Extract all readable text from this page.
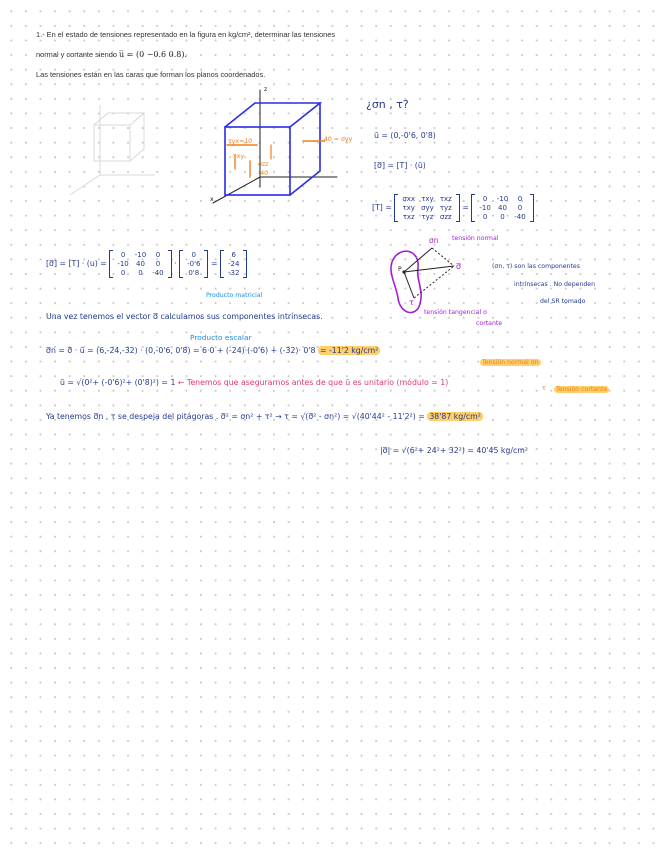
1.- En el estado de tensiones representado en la figura en kg/cm², determinar las tensiones
normal y cortante siendo u̅ = (0 −0.6 0.8).
Las tensiones están en las caras que forman los planos coordenados.
z
x
40 = σyy
τyx=10
τxy
σzz
-40
¿σn , τ?
ū = (0,-0'6, 0'8)
[σ̅] = [T] · (ū)
[T] =
σxx τxy τxz
τxy σyy τyz
τxz τyz σzz
=
0	-10	0
-10 40	0
0	0	-40
[σ̅] = [T] · (u) =
0	-10	0
-10 40	0
0	0	-40
·
0
-0'6
0'8
=
6
-24
-32
Producto matricial
σn tensión normal
σ̅
P
τ
tensión tangencial o
cortante
(σn, τ) son las componentes
intrínsecas . No dependen
del SR tomado
Una vez tenemos el vector σ̅ calculamos sus componentes intrínsecas.
Producto escalar
σ̅n = σ̅ · ū = (6,-24,-32) · (0,-0'6, 0'8) = 6·0 + (-24)·(-0'6) + (-32)· 0'8 = -11'2 kg/cm²
Tensión normal σn
ū = √(0²+ (-0'6)²+ (0'8)²) = 1 ← Tenemos que asegurarnos antes de que ū es unitario (módulo = 1)
τ	Tensión cortante
Ya tenemos σ̅n , τ se despeja del pitágoras . σ̅² = σn² + τ² → τ = √(σ̅² - σn²) = √(40'44² - 11'2²) = 38'87 kg/cm²
|σ̅| = √(6²+ 24²+ 32²) = 40'45 kg/cm²
